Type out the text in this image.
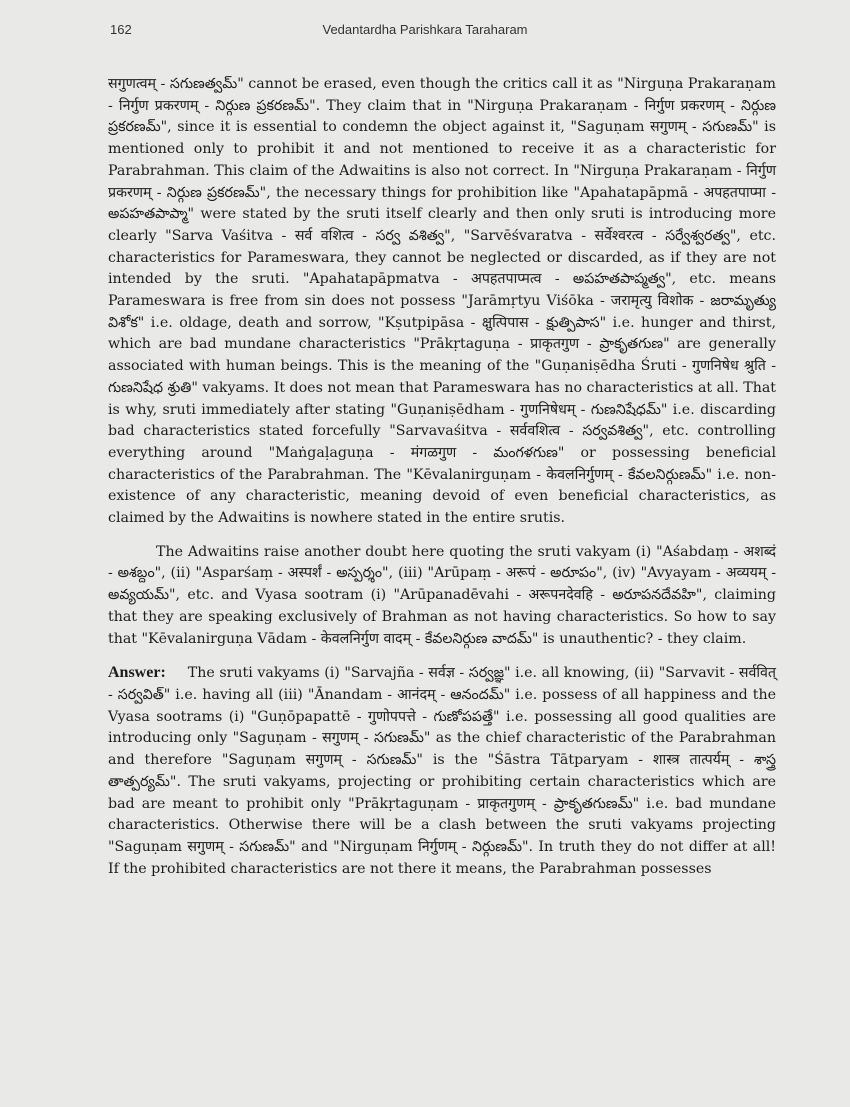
162	Vedantardha Parishkara Taraharam

सगुणत्वम् - సగుణత్వమ్" cannot be erased, even though the critics call it as "Nirguṇa Prakaraṇam - निर्गुण प्रकरणम् - నిర్గుణ ప్రకరణమ్". They claim that in "Nirguṇa Prakaraṇam - निर्गुण प्रकरणम् - నిర్గుణ ప్రకరణమ్", since it is essential to condemn the object against it, "Saguṇam सगुणम् - సగుణమ్" is mentioned only to prohibit it and not mentioned to receive it as a characteristic for Parabrahman. This claim of the Adwaitins is also not correct. In "Nirguṇa Prakaraṇam - निर्गुण प्रकरणम् - నిర్గుణ ప్రకరణమ్", the necessary things for prohibition like "Apahatapāpmā - अपहतपाप्मा - అపహతపాప్మా" were stated by the sruti itself clearly and then only sruti is introducing more clearly "Sarva Vaśitva - सर्व वशित्व - సర్వ వశిత్వ", "Sarvēśvaratva - सर्वेश्वरत्व - సర్వేశ్వరత్వ", etc. characteristics for Parameswara, they cannot be neglected or discarded, as if they are not intended by the sruti. "Apahatapāpmatva - अपहतपाप्मत्व - అపహతపాప్మత్వ", etc. means Parameswara is free from sin does not possess "Jarāmṛtyu Viśōka - जरामृत्यु विशोक - జరామృత్యు విశోక" i.e. oldage, death and sorrow, "Kṣutpipāsa - क्षुत्पिपास - క్షుత్పిపాస" i.e. hunger and thirst, which are bad mundane characteristics "Prākṛtaguṇa - प्राकृतगुण - ప్రాకృతగుణ" are generally associated with human beings. This is the meaning of the "Guṇaniṣēdha Śruti - गुणनिषेध श्रुति - గుణనిషేధ శ్రుతి" vakyams. It does not mean that Parameswara has no characteristics at all. That is why, sruti immediately after stating "Guṇaniṣēdham - गुणनिषेधम् - గుణనిషేధమ్" i.e. discarding bad characteristics stated forcefully "Sarvavaśitva - सर्ववशित्व - సర్వవశిత్వ", etc. controlling everything around "Maṅgaḷaguṇa - मंगळगुण - మంగళగుణ" or possessing beneficial characteristics of the Parabrahman. The "Kēvalanirguṇam - केवलनिर्गुणम् - కేవలనిర్గుణమ్" i.e. non-existence of any characteristic, meaning devoid of even beneficial characteristics, as claimed by the Adwaitins is nowhere stated in the entire srutis.

The Adwaitins raise another doubt here quoting the sruti vakyam (i) "Aśabdaṃ - अशब्दं - అశబ్దం", (ii) "Asparśaṃ - अस्पर्शं - అస్పర్శం", (iii) "Arūpaṃ - अरूपं - అరూపం", (iv) "Avyayam - अव्ययम् - అవ్యయమ్", etc. and Vyasa sootram (i) "Arūpanadēvahi - अरूपनदेवहि - అరూపనదేవహి", claiming that they are speaking exclusively of Brahman as not having characteristics. So how to say that "Kēvalanirguṇa Vādam - केवलनिर्गुण वादम् - కేవలనిర్గుణ వాదమ్" is unauthentic? - they claim.

Answer: The sruti vakyams (i) "Sarvajña - सर्वज्ञ - సర్వజ్ఞ" i.e. all knowing, (ii) "Sarvavit - सर्ववित् - సర్వవిత్" i.e. having all (iii) "Ānandam - आनंदम् - ఆనందమ్" i.e. possess of all happiness and the Vyasa sootrams (i) "Guṇōpapattē - गुणोपपत्ते - గుణోపపత్తే" i.e. possessing all good qualities are introducing only "Saguṇam - सगुणम् - సగుణమ్" as the chief characteristic of the Parabrahman and therefore "Saguṇam सगुणम् - సగుణమ్" is the "Śāstra Tātparyam - शास्त्र तात्पर्यम् - శాస్త్ర తాత్పర్యమ్". The sruti vakyams, projecting or prohibiting certain characteristics which are bad are meant to prohibit only "Prākṛtaguṇam - प्राकृतगुणम् - ప్రాకృతగుణమ్" i.e. bad mundane characteristics. Otherwise there will be a clash between the sruti vakyams projecting "Saguṇam सगुणम् - సగుణమ్" and "Nirguṇam निर्गुणम् - నిర్గుణమ్". In truth they do not differ at all! If the prohibited characteristics are not there it means, the Parabrahman possesses
